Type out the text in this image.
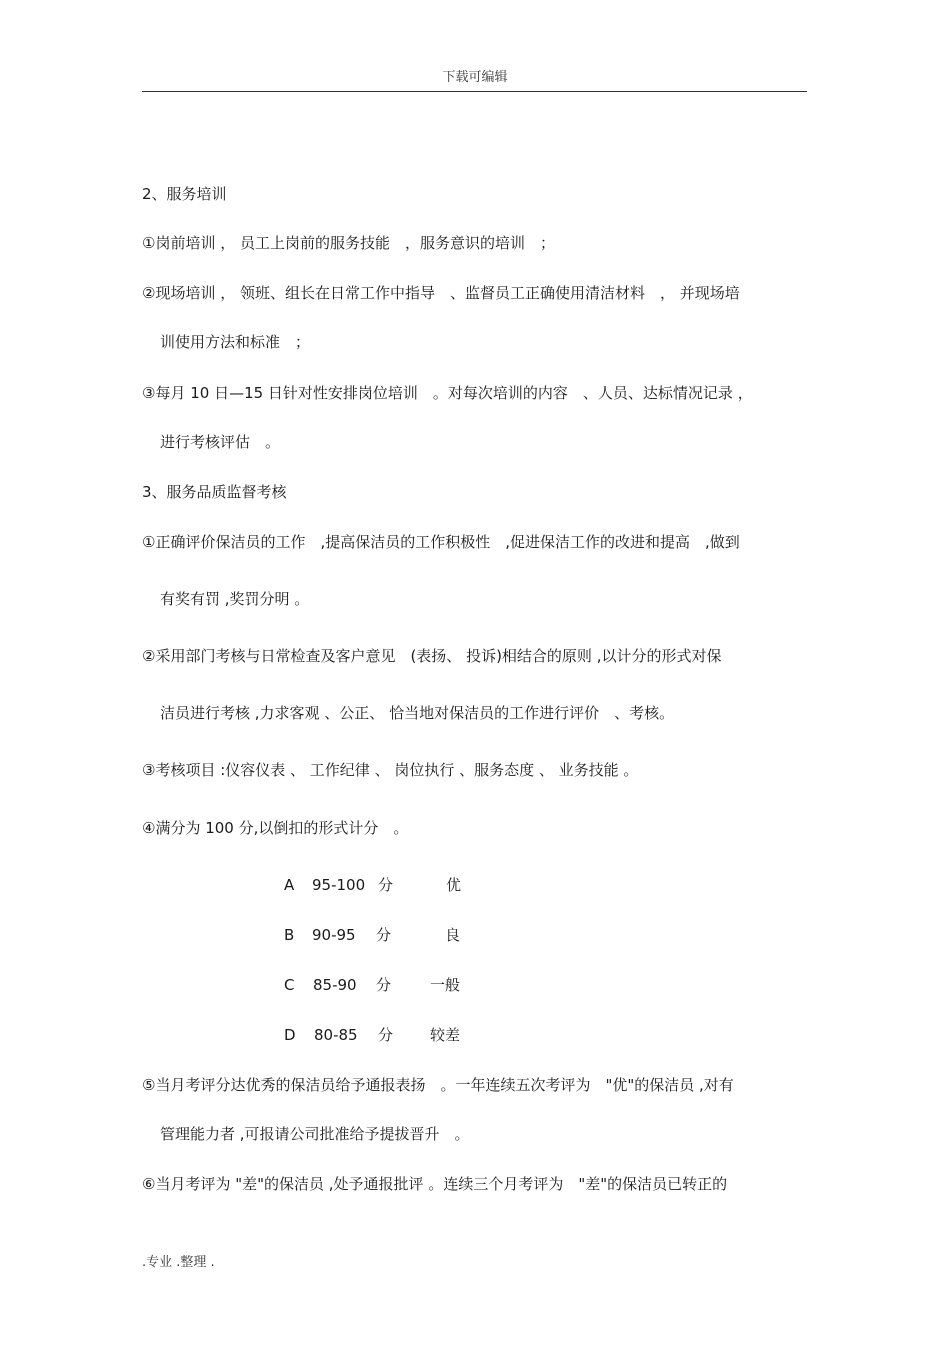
下载可编辑
2、服务培训
①岗前培训 ， 员工上岗前的服务技能　，服务意识的培训　；
②现场培训 ， 领班、组长在日常工作中指导　、监督员工正确使用清洁材料　， 并现场培
训使用方法和标准　；
③每月 10 日—15 日针对性安排岗位培训　。对每次培训的内容　、人员、达标情况记录 ，
进行考核评估　。
3、服务品质监督考核
①正确评价保洁员的工作　,提高保洁员的工作积极性　,促进保洁工作的改进和提高　,做到
有奖有罚 ,奖罚分明 。
②采用部门考核与日常检查及客户意见　(表扬、 投诉)相结合的原则 ,以计分的形式对保
洁员进行考核 ,力求客观 、公正、 恰当地对保洁员的工作进行评价　、考核。
③考核项目 :仪容仪表 、 工作纪律 、 岗位执行 、服务态度 、 业务技能 。
④满分为 100 分,以倒扣的形式计分　。
A 95-100 分	优
B 90-95 分	良
C 85-90 分	一般
D 80-85 分 较差
⑤当月考评分达优秀的保洁员给予通报表扬　。一年连续五次考评为　"优"的保洁员 ,对有
管理能力者 ,可报请公司批准给予提拔晋升　。
⑥当月考评为 "差"的保洁员 ,处予通报批评 。连续三个月考评为　"差"的保洁员已转正的
.专业 .整理 .
